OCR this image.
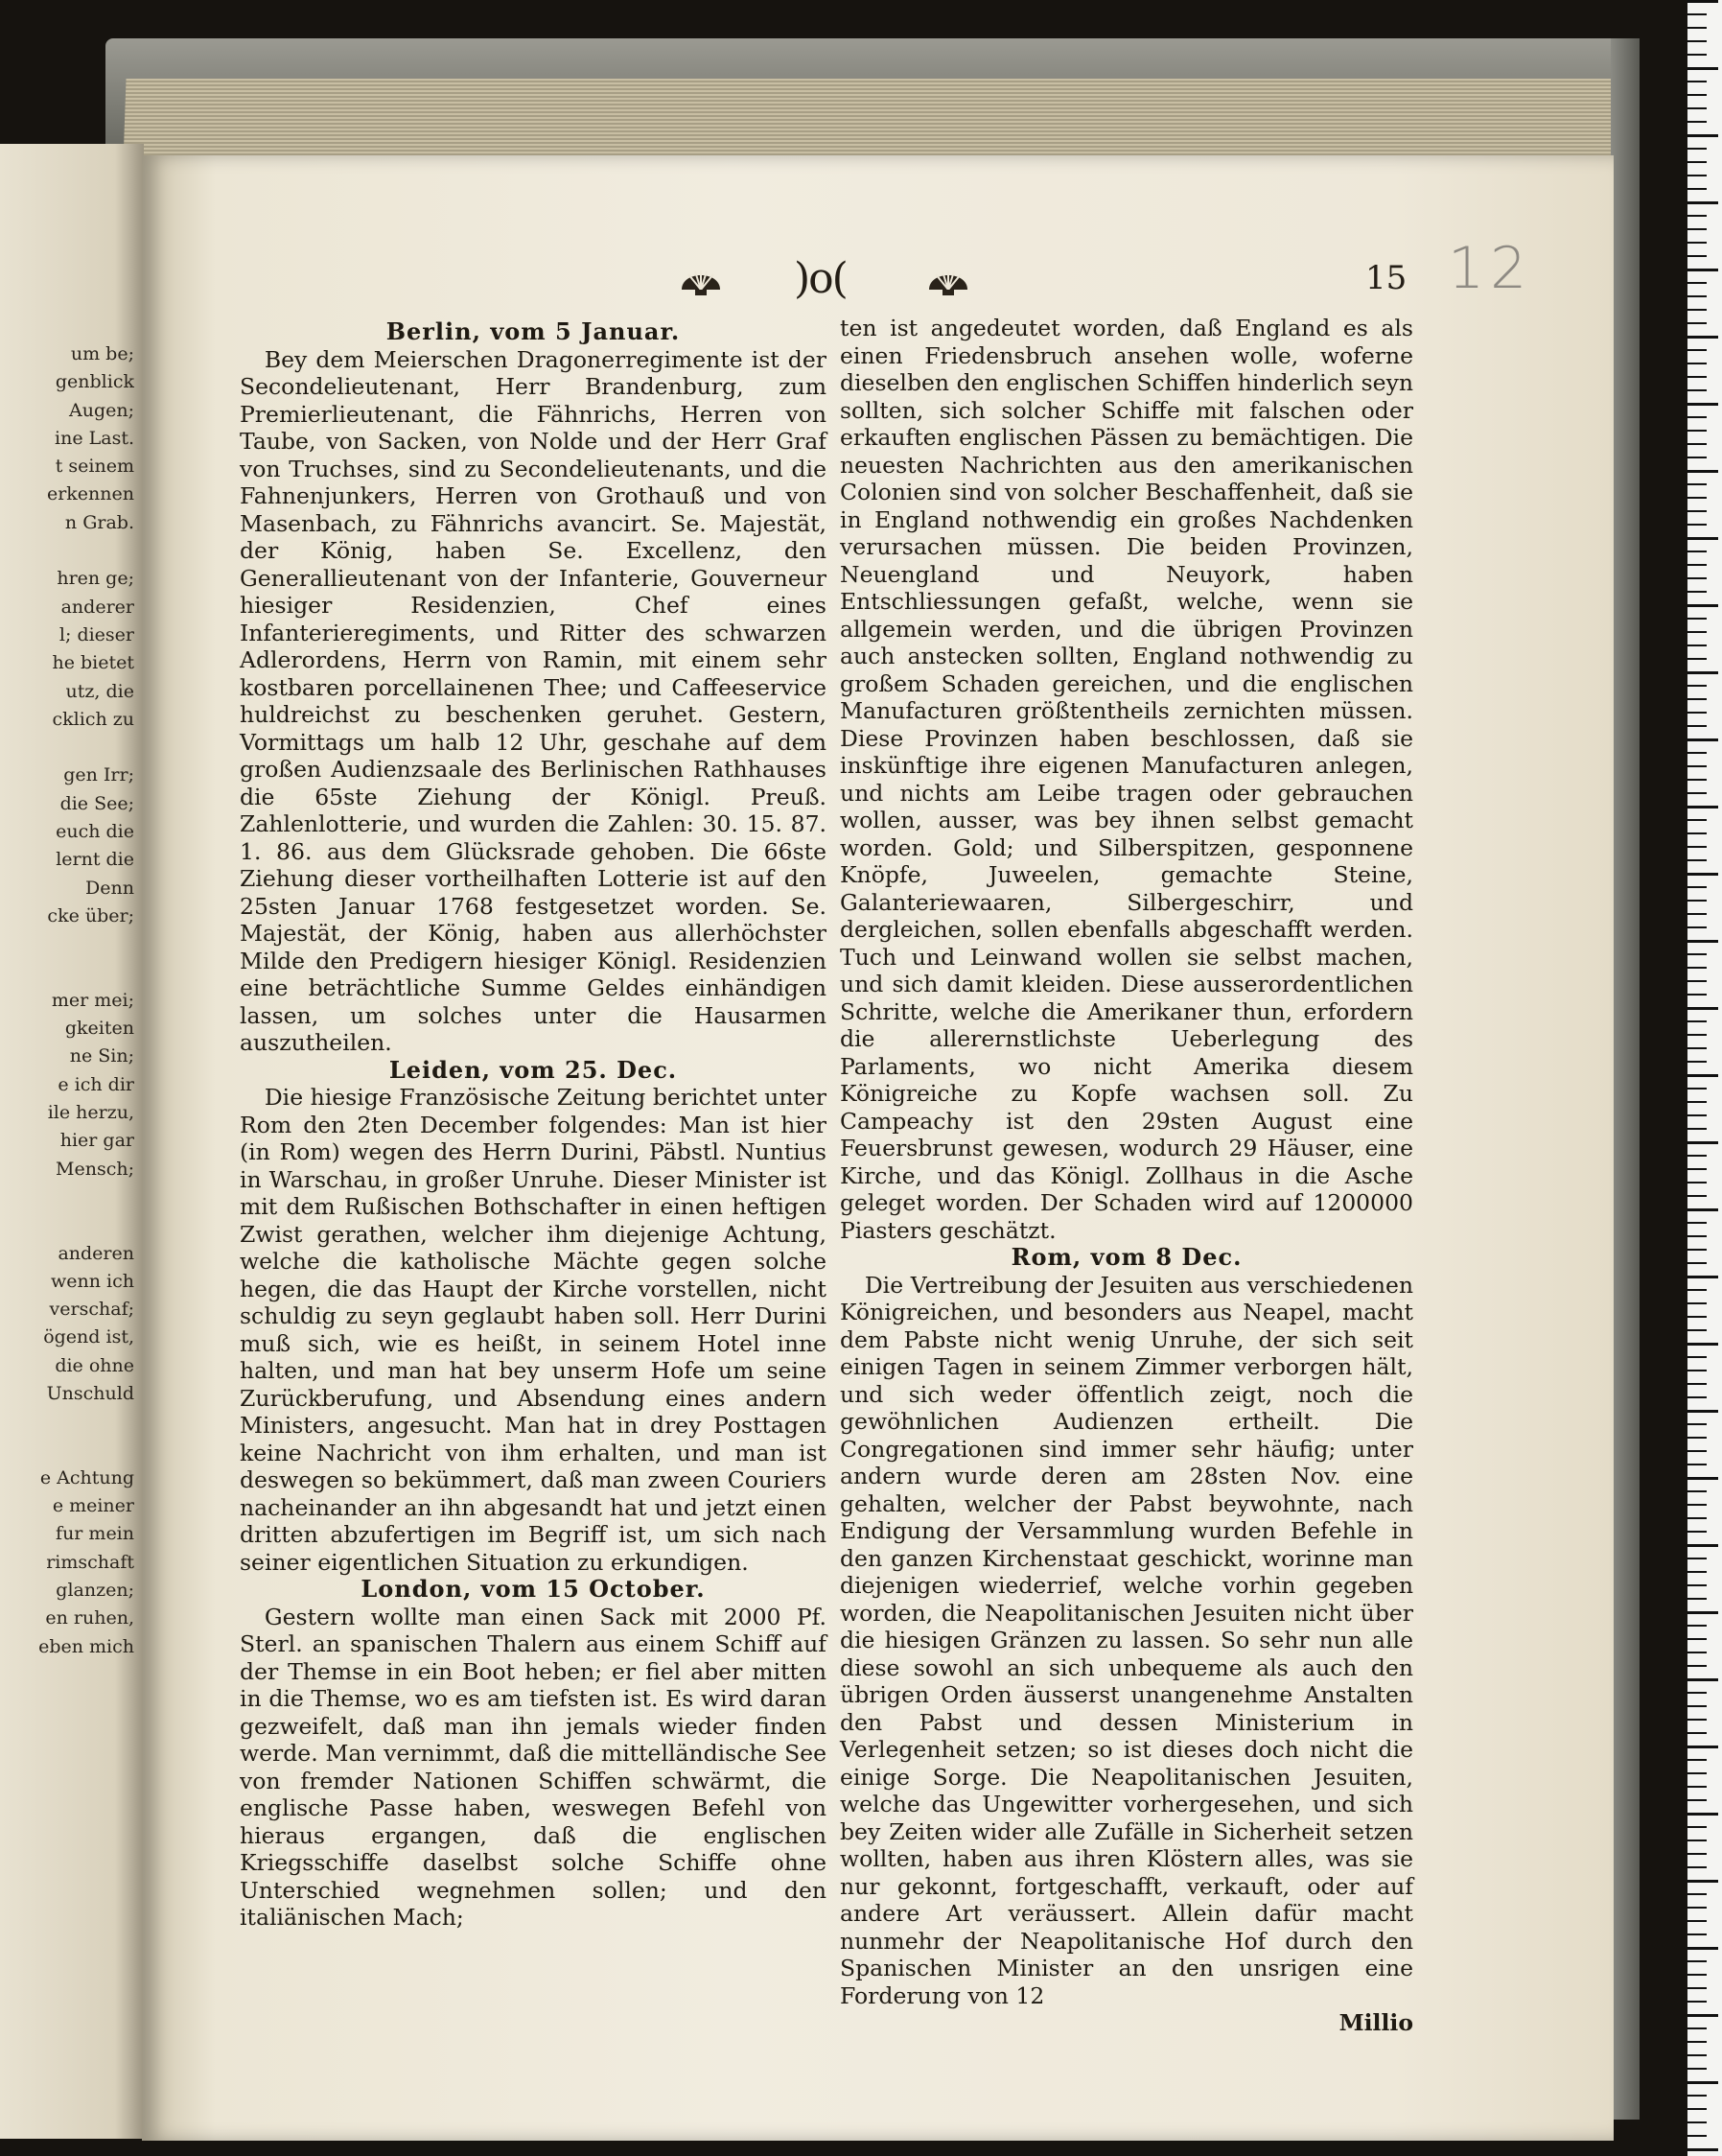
um be;
genblick
Augen;
ine Last.
t seinem
erkennen
n Grab.
hren ge;
anderer
l; dieser
he bietet
utz, die
cklich zu
gen Irr;
die See;
euch die
lernt die
Denn
cke über;
mer mei;
gkeiten
ne Sin;
e ich dir
ile herzu,
hier gar
Mensch;
anderen
wenn ich
verschaf;
ögend ist,
die ohne
Unschuld
e Achtung
e meiner
fur mein
rimschaft
glanzen;
en ruhen,
eben mich
)o(	15 12
Berlin, vom 5 Januar.

Bey dem Meierschen Dragonerregimente ist der Secondelieutenant, Herr Brandenburg, zum Premierlieutenant, die Fähnrichs, Herren von Taube, von Sacken, von Nolde und der Herr Graf von Truchses, sind zu Secondelieutenants, und die Fahnenjunkers, Herren von Grothauß und von Masenbach, zu Fähnrichs avancirt. Se. Majestät, der König, haben Se. Excellenz, den Generallieutenant von der Infanterie, Gouverneur hiesiger Residenzien, Chef eines Infanterieregiments, und Ritter des schwarzen Adlerordens, Herrn von Ramin, mit einem sehr kostbaren porcellainenen Thee; und Caffeeservice huldreichst zu beschenken geruhet. Gestern, Vormittags um halb 12 Uhr, geschahe auf dem großen Audienzsaale des Berlinischen Rathhauses die 65ste Ziehung der Königl. Preuß. Zahlenlotterie, und wurden die Zahlen: 30. 15. 87. 1. 86. aus dem Glücksrade gehoben. Die 66ste Ziehung dieser vortheilhaften Lotterie ist auf den 25sten Januar 1768 festgesetzet worden. Se. Majestät, der König, haben aus allerhöchster Milde den Predigern hiesiger Königl. Residenzien eine beträchtliche Summe Geldes einhändigen lassen, um solches unter die Hausarmen auszutheilen.

Leiden, vom 25. Dec.

Die hiesige Französische Zeitung berichtet unter Rom den 2ten December folgendes: Man ist hier (in Rom) wegen des Herrn Durini, Päbstl. Nuntius in Warschau, in großer Unruhe. Dieser Minister ist mit dem Rußischen Bothschafter in einen heftigen Zwist gerathen, welcher ihm diejenige Achtung, welche die katholische Mächte gegen solche hegen, die das Haupt der Kirche vorstellen, nicht schuldig zu seyn geglaubt haben soll. Herr Durini muß sich, wie es heißt, in seinem Hotel inne halten, und man hat bey unserm Hofe um seine Zurückberufung, und Absendung eines andern Ministers, angesucht. Man hat in drey Posttagen keine Nachricht von ihm erhalten, und man ist deswegen so bekümmert, daß man zween Couriers nacheinander an ihn abgesandt hat und jetzt einen dritten abzufertigen im Begriff ist, um sich nach seiner eigentlichen Situation zu erkundigen.

London, vom 15 October.

Gestern wollte man einen Sack mit 2000 Pf. Sterl. an spanischen Thalern aus einem Schiff auf der Themse in ein Boot heben; er fiel aber mitten in die Themse, wo es am tiefsten ist. Es wird daran gezweifelt, daß man ihn jemals wieder finden werde. Man vernimmt, daß die mittelländische See von fremder Nationen Schiffen schwärmt, die englische Passe haben, weswegen Befehl von hieraus ergangen, daß die englischen Kriegsschiffe daselbst solche Schiffe ohne Unterschied wegnehmen sollen; und den italiänischen Mach;

ten ist angedeutet worden, daß England es als einen Friedensbruch ansehen wolle, woferne dieselben den englischen Schiffen hinderlich seyn sollten, sich solcher Schiffe mit falschen oder erkauften englischen Pässen zu bemächtigen. Die neuesten Nachrichten aus den amerikanischen Colonien sind von solcher Beschaffenheit, daß sie in England nothwendig ein großes Nachdenken verursachen müssen. Die beiden Provinzen, Neuengland und Neuyork, haben Entschliessungen gefaßt, welche, wenn sie allgemein werden, und die übrigen Provinzen auch anstecken sollten, England nothwendig zu großem Schaden gereichen, und die englischen Manufacturen größtentheils zernichten müssen. Diese Provinzen haben beschlossen, daß sie inskünftige ihre eigenen Manufacturen anlegen, und nichts am Leibe tragen oder gebrauchen wollen, ausser, was bey ihnen selbst gemacht worden. Gold; und Silberspitzen, gesponnene Knöpfe, Juweelen, gemachte Steine, Galanteriewaaren, Silbergeschirr, und dergleichen, sollen ebenfalls abgeschafft werden. Tuch und Leinwand wollen sie selbst machen, und sich damit kleiden. Diese ausserordentlichen Schritte, welche die Amerikaner thun, erfordern die allerernstlichste Ueberlegung des Parlaments, wo nicht Amerika diesem Königreiche zu Kopfe wachsen soll. Zu Campeachy ist den 29sten August eine Feuersbrunst gewesen, wodurch 29 Häuser, eine Kirche, und das Königl. Zollhaus in die Asche geleget worden. Der Schaden wird auf 1200000 Piasters geschätzt.

Rom, vom 8 Dec.

Die Vertreibung der Jesuiten aus verschiedenen Königreichen, und besonders aus Neapel, macht dem Pabste nicht wenig Unruhe, der sich seit einigen Tagen in seinem Zimmer verborgen hält, und sich weder öffentlich zeigt, noch die gewöhnlichen Audienzen ertheilt. Die Congregationen sind immer sehr häufig; unter andern wurde deren am 28sten Nov. eine gehalten, welcher der Pabst beywohnte, nach Endigung der Versammlung wurden Befehle in den ganzen Kirchenstaat geschickt, worinne man diejenigen wiederrief, welche vorhin gegeben worden, die Neapolitanischen Jesuiten nicht über die hiesigen Gränzen zu lassen. So sehr nun alle diese sowohl an sich unbequeme als auch den übrigen Orden äusserst unangenehme Anstalten den Pabst und dessen Ministerium in Verlegenheit setzen; so ist dieses doch nicht die einige Sorge. Die Neapolitanischen Jesuiten, welche das Ungewitter vorhergesehen, und sich bey Zeiten wider alle Zufälle in Sicherheit setzen wollten, haben aus ihren Klöstern alles, was sie nur gekonnt, fortgeschafft, verkauft, oder auf andere Art veräussert. Allein dafür macht nunmehr der Neapolitanische Hof durch den Spanischen Minister an den unsrigen eine Forderung von 12

Millio
